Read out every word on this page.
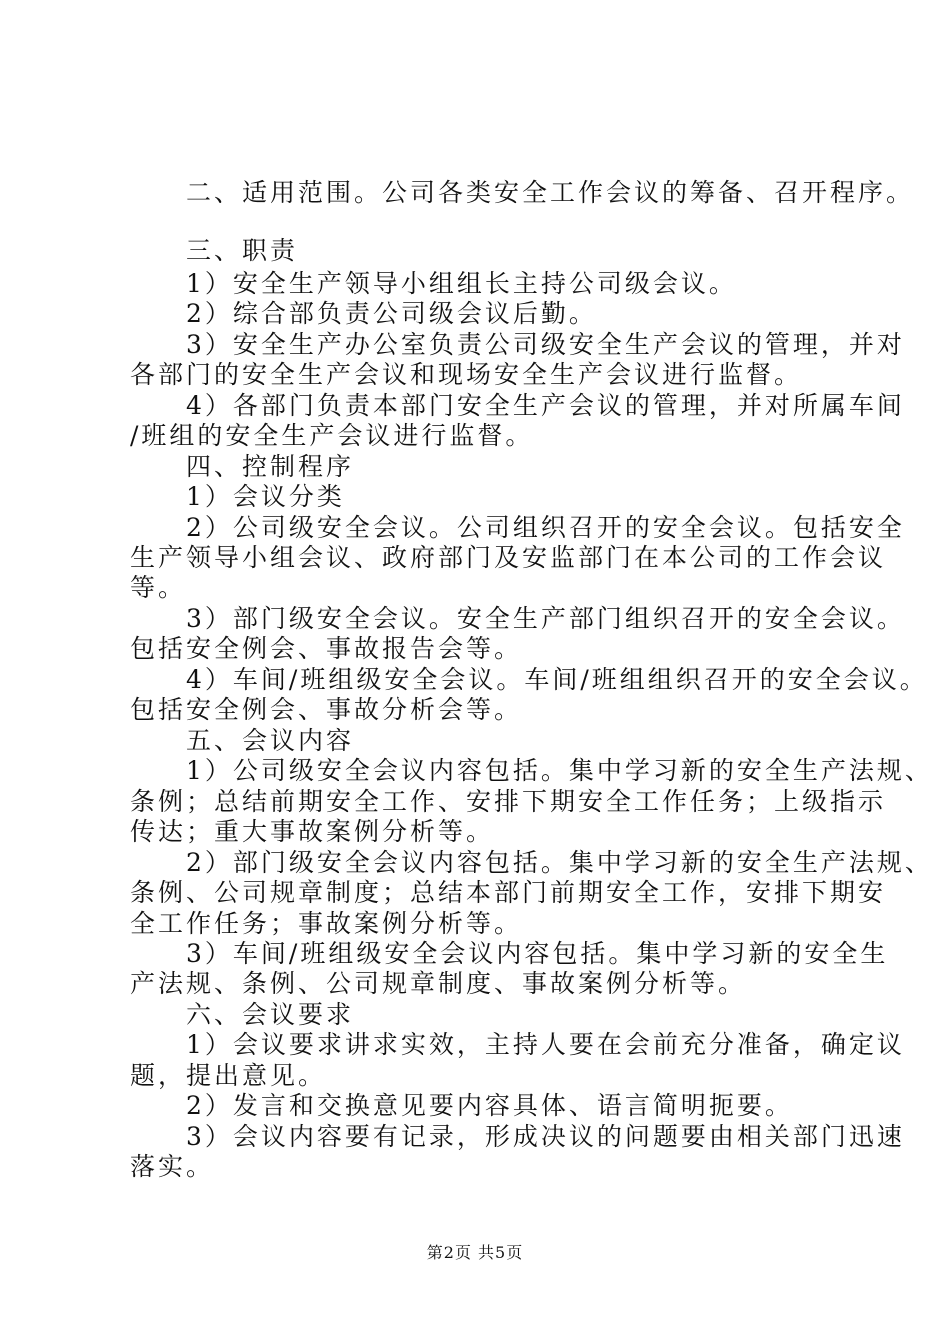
　　二、适用范围。公司各类安全工作会议的筹备、召开程序。
　　三、职责
　　1）安全生产领导小组组长主持公司级会议。
　　2）综合部负责公司级会议后勤。
　　3）安全生产办公室负责公司级安全生产会议的管理，并对
各部门的安全生产会议和现场安全生产会议进行监督。
　　4）各部门负责本部门安全生产会议的管理，并对所属车间
/班组的安全生产会议进行监督。
　　四、控制程序
　　1）会议分类
　　2）公司级安全会议。公司组织召开的安全会议。包括安全
生产领导小组会议、政府部门及安监部门在本公司的工作会议
等。
　　3）部门级安全会议。安全生产部门组织召开的安全会议。
包括安全例会、事故报告会等。
　　4）车间/班组级安全会议。车间/班组组织召开的安全会议。
包括安全例会、事故分析会等。
　　五、会议内容
　　1）公司级安全会议内容包括。集中学习新的安全生产法规、
条例；总结前期安全工作、安排下期安全工作任务；上级指示
传达；重大事故案例分析等。
　　2）部门级安全会议内容包括。集中学习新的安全生产法规、
条例、公司规章制度；总结本部门前期安全工作，安排下期安
全工作任务；事故案例分析等。
　　3）车间/班组级安全会议内容包括。集中学习新的安全生
产法规、条例、公司规章制度、事故案例分析等。
　　六、会议要求
　　1）会议要求讲求实效，主持人要在会前充分准备，确定议
题，提出意见。
　　2）发言和交换意见要内容具体、语言简明扼要。
　　3）会议内容要有记录，形成决议的问题要由相关部门迅速
落实。
第2页 共5页
